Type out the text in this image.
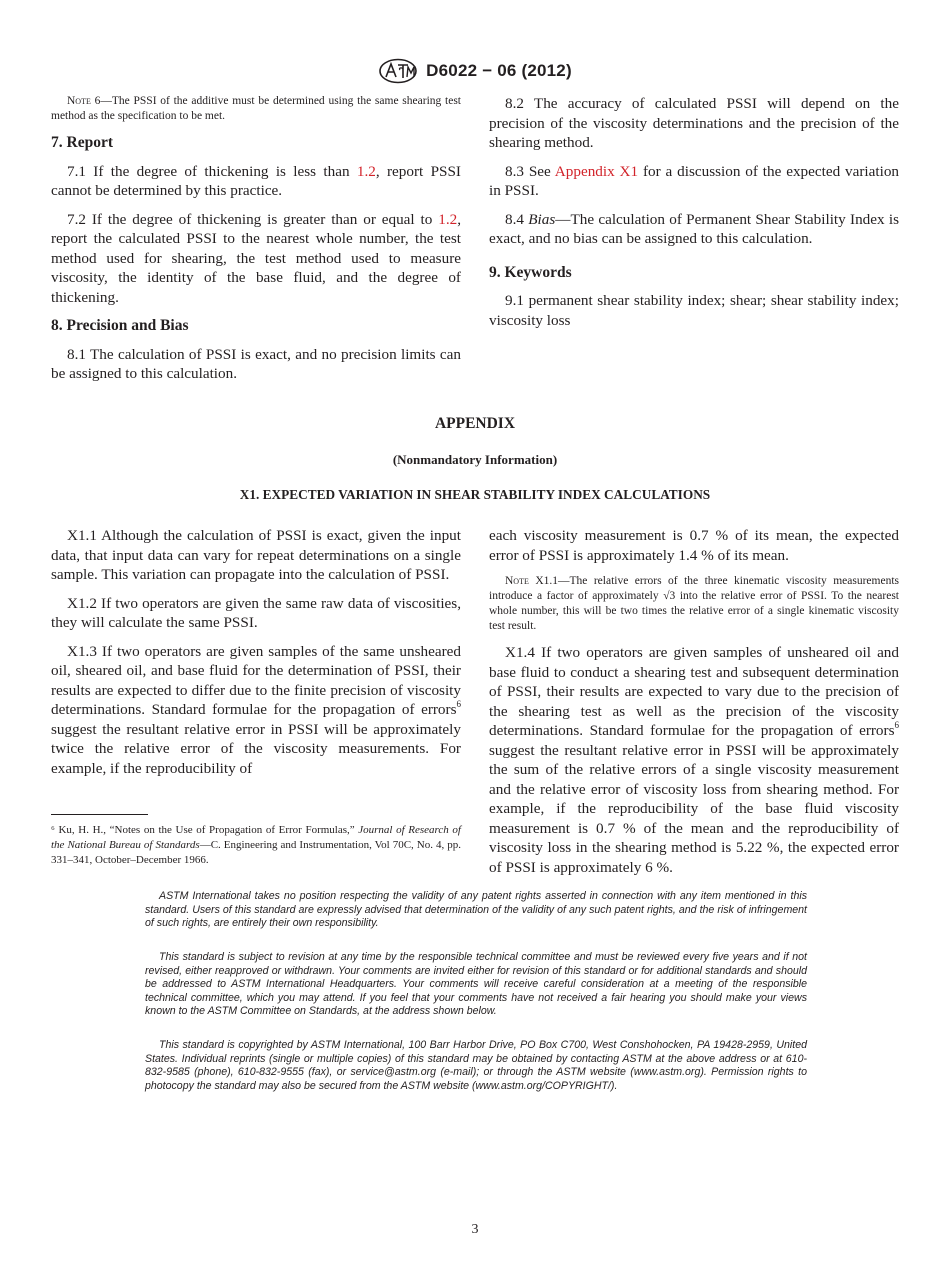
D6022 − 06 (2012)
Note 6—The PSSI of the additive must be determined using the same shearing test method as the specification to be met.

7. Report

7.1 If the degree of thickening is less than 1.2, report PSSI cannot be determined by this practice.

7.2 If the degree of thickening is greater than or equal to 1.2, report the calculated PSSI to the nearest whole number, the test method used for shearing, the test method used to measure viscosity, the identity of the base fluid, and the degree of thickening.

8. Precision and Bias

8.1 The calculation of PSSI is exact, and no precision limits can be assigned to this calculation.

8.2 The accuracy of calculated PSSI will depend on the precision of the viscosity determinations and the precision of the shearing method.

8.3 See Appendix X1 for a discussion of the expected variation in PSSI.

8.4 Bias—The calculation of Permanent Shear Stability Index is exact, and no bias can be assigned to this calculation.

9. Keywords

9.1 permanent shear stability index; shear; shear stability index; viscosity loss

APPENDIX
(Nonmandatory Information)
X1. EXPECTED VARIATION IN SHEAR STABILITY INDEX CALCULATIONS

X1.1 Although the calculation of PSSI is exact, given the input data, that input data can vary for repeat determinations on a single sample. This variation can propagate into the calculation of PSSI.

X1.2 If two operators are given the same raw data of viscosities, they will calculate the same PSSI.

X1.3 If two operators are given samples of the same unsheared oil, sheared oil, and base fluid for the determination of PSSI, their results are expected to differ due to the finite precision of viscosity determinations. Standard formulae for the propagation of errors$^6$ suggest the resultant relative error in PSSI will be approximately twice the relative error of the viscosity measurements. For example, if the reproducibility of

each viscosity measurement is 0.7 % of its mean, the expected error of PSSI is approximately 1.4 % of its mean.

Note X1.1—The relative errors of the three kinematic viscosity measurements introduce a factor of approximately √3 into the relative error of PSSI. To the nearest whole number, this will be two times the relative error of a single kinematic viscosity test result.

X1.4 If two operators are given samples of unsheared oil and base fluid to conduct a shearing test and subsequent determination of PSSI, their results are expected to vary due to the precision of the shearing test as well as the precision of the viscosity determinations. Standard formulae for the propagation of errors$^6$ suggest the resultant relative error in PSSI will be approximately the sum of the relative errors of a single viscosity measurement and the relative error of viscosity loss from shearing method. For example, if the reproducibility of the base fluid viscosity measurement is 0.7 % of the mean and the reproducibility of viscosity loss in the shearing method is 5.22 %, the expected error of PSSI is approximately 6 %.

⁶ Ku, H. H., “Notes on the Use of Propagation of Error Formulas,” Journal of Research of the National Bureau of Standards—C. Engineering and Instrumentation, Vol 70C, No. 4, pp. 331–341, October–December 1966.
ASTM International takes no position respecting the validity of any patent rights asserted in connection with any item mentioned in this standard. Users of this standard are expressly advised that determination of the validity of any such patent rights, and the risk of infringement of such rights, are entirely their own responsibility.
This standard is subject to revision at any time by the responsible technical committee and must be reviewed every five years and if not revised, either reapproved or withdrawn. Your comments are invited either for revision of this standard or for additional standards and should be addressed to ASTM International Headquarters. Your comments will receive careful consideration at a meeting of the responsible technical committee, which you may attend. If you feel that your comments have not received a fair hearing you should make your views known to the ASTM Committee on Standards, at the address shown below.
This standard is copyrighted by ASTM International, 100 Barr Harbor Drive, PO Box C700, West Conshohocken, PA 19428-2959, United States. Individual reprints (single or multiple copies) of this standard may be obtained by contacting ASTM at the above address or at 610-832-9585 (phone), 610-832-9555 (fax), or service@astm.org (e-mail); or through the ASTM website (www.astm.org). Permission rights to photocopy the standard may also be secured from the ASTM website (www.astm.org/COPYRIGHT/).
3
